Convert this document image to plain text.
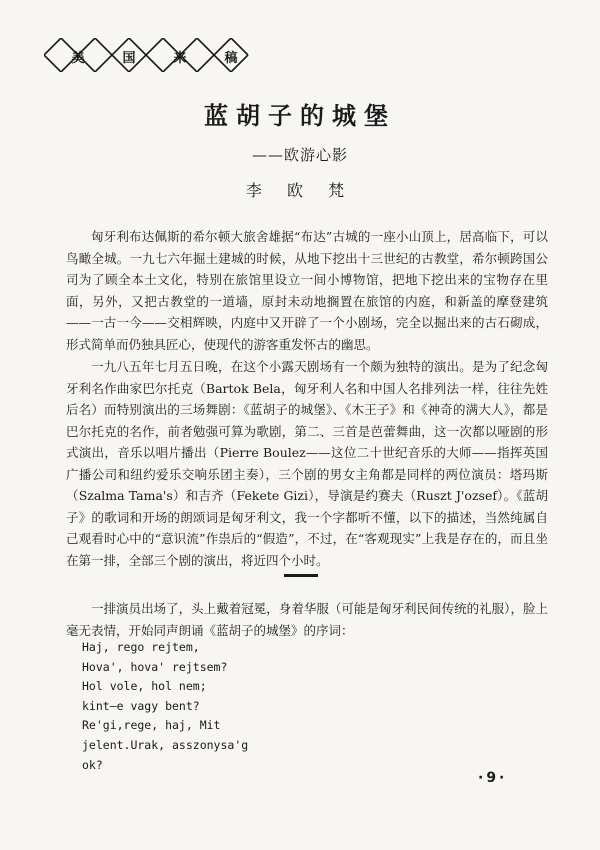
美	国	来	稿
蓝胡子的城堡
——欧游心影
李 欧 梵

匈牙利布达佩斯的希尔顿大旅舍雄据“布达”古城的一座小山顶上，居高临下，可以鸟瞰全城。一九七六年掘土建城的时候，从地下挖出十三世纪的古教堂，希尔顿跨国公司为了顾全本土文化，特别在旅馆里设立一间小博物馆，把地下挖出来的宝物存在里面，另外，又把古教堂的一道墙，原封未动地搁置在旅馆的内庭，和新盖的摩登建筑——一古一今——交相辉映，内庭中又开辟了一个小剧场，完全以掘出来的古石砌成，形式简单而仍独具匠心，使现代的游客重发怀古的幽思。

一九八五年七月五日晚，在这个小露天剧场有一个颇为独特的演出。是为了纪念匈牙利名作曲家巴尔托克（Bartok Bela，匈牙利人名和中国人名排列法一样，往往先姓后名）而特别演出的三场舞剧：《蓝胡子的城堡》、《木王子》和《神奇的满大人》，都是巴尔托克的名作，前者勉强可算为歌剧，第二、三首是芭蕾舞曲，这一次都以哑剧的形式演出，音乐以唱片播出（Pierre Boulez——这位二十世纪音乐的大师——指挥英国广播公司和纽约爱乐交响乐团主奏），三个剧的男女主角都是同样的两位演员：塔玛斯（Szalma Tama's）和吉齐（Fekete Gizi），导演是约赛夫（Ruszt J'ozsef）。《蓝胡子》的歌词和开场的朗颂词是匈牙利文，我一个字都听不懂，以下的描述，当然纯属自己观看时心中的“意识流”作祟后的“假造”，不过，在“客观现实”上我是存在的，而且坐在第一排，全部三个剧的演出，将近四个小时。

一排演员出场了，头上戴着冠冕，身着华服（可能是匈牙利民间传统的礼服），脸上毫无表情，开始同声朗诵《蓝胡子的城堡》的序词：

Haj, rego rejtem,
Hova', hova' rejtsem?
Hol vole, hol nem;
kint—e vagy bent?
Re'gi,rege, haj, Mit
jelent.Urak, asszonysa'g
ok?
·9·
